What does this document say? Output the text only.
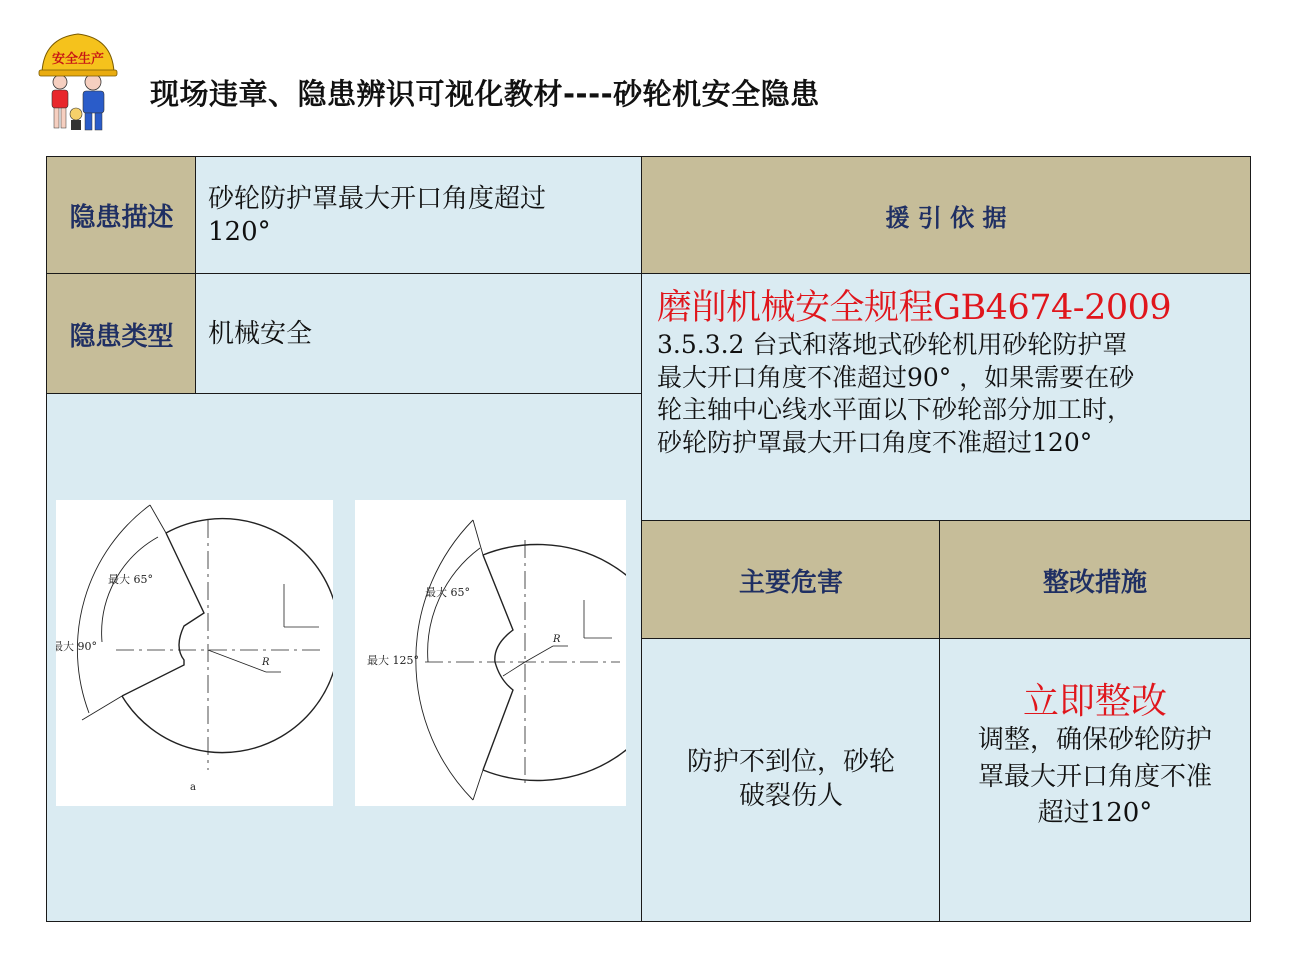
安全生产
现场违章、隐患辨识可视化教材----砂轮机安全隐患
隐患描述
砂轮防护罩最大开口角度超过
120°
隐患类型 机械安全
最大 65°
最大 90°
R
a
最大 65°
最大 125°
R
援 引 依 据
磨削机械安全规程GB4674-2009
3.5.3.2 台式和落地式砂轮机用砂轮防护罩
最大开口角度不准超过90° ，如果需要在砂
轮主轴中心线水平面以下砂轮部分加工时，
砂轮防护罩最大开口角度不准超过120°
主要危害	整改措施
防护不到位，砂轮
破裂伤人
立即整改
调整，确保砂轮防护
罩最大开口角度不准
超过120°
